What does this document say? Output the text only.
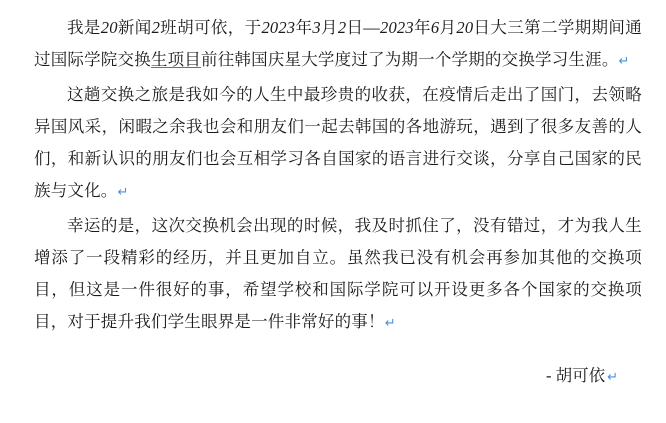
我是20新闻2班胡可依，于2023年3月2日—2023年6月20日大三第二学期期间通过国际学院交换生项目前往韩国庆星大学度过了为期一个学期的交换学习生涯。↵

这趟交换之旅是我如今的人生中最珍贵的收获，在疫情后走出了国门，去领略异国风采，闲暇之余我也会和朋友们一起去韩国的各地游玩，遇到了很多友善的人们，和新认识的朋友们也会互相学习各自国家的语言进行交谈，分享自己国家的民族与文化。↵

幸运的是，这次交换机会出现的时候，我及时抓住了，没有错过，才为我人生增添了一段精彩的经历，并且更加自立。虽然我已没有机会再参加其他的交换项目，但这是一件很好的事，希望学校和国际学院可以开设更多各个国家的交换项目，对于提升我们学生眼界是一件非常好的事！↵

- 胡可依 ↵
